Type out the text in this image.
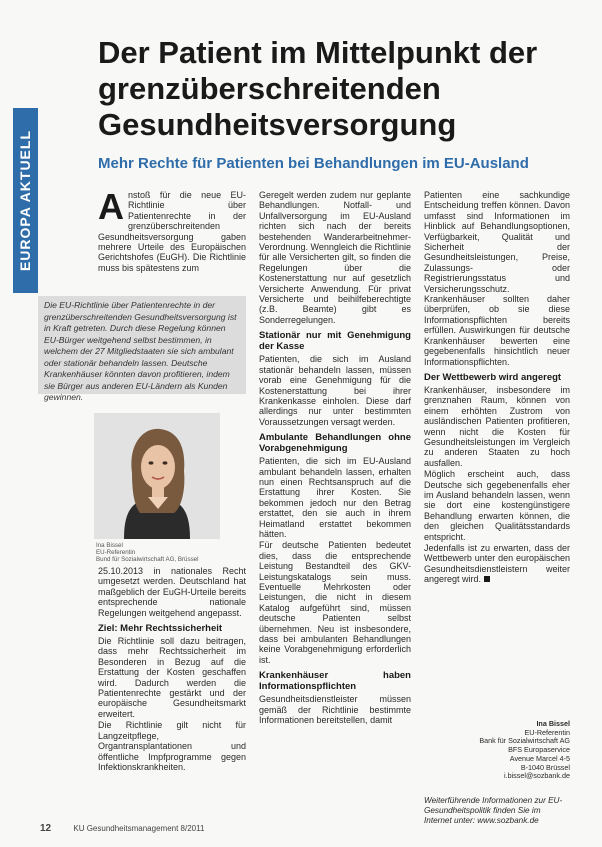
EUROPA AKTUELL
Der Patient im Mittelpunkt der grenzüberschreitenden Gesundheitsversorgung
Mehr Rechte für Patienten bei Behandlungen im EU-Ausland
A nstoß für die neue EU-Richtlinie über Patientenrechte in der grenzüberschreitenden Gesundheitsversorgung gaben mehrere Urteile des Europäischen Gerichtshofes (EuGH). Die Richtlinie muss bis spätestens zum
Die EU-Richtlinie über Patientenrechte in der grenzüberschreitenden Gesundheitsversorgung ist in Kraft getreten. Durch diese Regelung können EU-Bürger weitgehend selbst bestimmen, in welchem der 27 Mitgliedstaaten sie sich ambulant oder stationär behandeln lassen. Deutsche Krankenhäuser könnten davon profitieren, indem sie Bürger aus anderen EU-Ländern als Kunden gewinnen.
Ina Bissel
EU-Referentin
Bund für Sozialwirtschaft AG, Brüssel

25.10.2013 in nationales Recht umgesetzt werden. Deutschland hat maßgeblich der EuGH-Urteile bereits entsprechende nationale Regelungen weitgehend angepasst.

Ziel: Mehr Rechtssicherheit

Die Richtlinie soll dazu beitragen, dass mehr Rechtssicherheit im Besonderen in Bezug auf die Erstattung der Kosten geschaffen wird. Dadurch werden die Patientenrechte gestärkt und der europäische Gesundheitsmarkt erweitert.

Die Richtlinie gilt nicht für Langzeitpflege, Organtransplantationen und öffentliche Impfprogramme gegen Infektionskrankheiten.

Geregelt werden zudem nur geplante Behandlungen. Notfall- und Unfallversorgung im EU-Ausland richten sich nach der bereits bestehenden Wanderarbeitnehmer-Verordnung. Wenngleich die Richtlinie für alle Versicherten gilt, so finden die Regelungen über die Kostenerstattung nur auf gesetzlich Versicherte Anwendung. Für privat Versicherte und beihilfeberechtigte (z.B. Beamte) gibt es Sonderregelungen.

Stationär nur mit Genehmigung der Kasse

Patienten, die sich im Ausland stationär behandeln lassen, müssen vorab eine Genehmigung für die Kostenerstattung bei ihrer Krankenkasse einholen. Diese darf allerdings nur unter bestimmten Voraussetzungen versagt werden.

Ambulante Behandlungen ohne Vorabgenehmigung

Patienten, die sich im EU-Ausland ambulant behandeln lassen, erhalten nun einen Rechtsanspruch auf die Erstattung ihrer Kosten. Sie bekommen jedoch nur den Betrag erstattet, den sie auch in ihrem Heimatland erstattet bekommen hätten.

Für deutsche Patienten bedeutet dies, dass die entsprechende Leistung Bestandteil des GKV-Leistungskatalogs sein muss. Eventuelle Mehrkosten oder Leistungen, die nicht in diesem Katalog aufgeführt sind, müssen deutsche Patienten selbst übernehmen. Neu ist insbesondere, dass bei ambulanten Behandlungen keine Vorabgenehmigung erforderlich ist.

Krankenhäuser haben Informationspflichten

Gesundheitsdienstleister müssen gemäß der Richtlinie bestimmte Informationen bereitstellen, damit

Patienten eine sachkundige Entscheidung treffen können. Davon umfasst sind Informationen im Hinblick auf Behandlungsoptionen, Verfügbarkeit, Qualität und Sicherheit der Gesundheitsleistungen, Preise, Zulassungs- oder Registrierungsstatus und Versicherungsschutz. Krankenhäuser sollten daher überprüfen, ob sie diese Informationspflichten bereits erfüllen. Auswirkungen für deutsche Krankenhäuser bewerten eine gegebenenfalls hinsichtlich neuer Informationspflichten.

Der Wettbewerb wird angeregt

Krankenhäuser, insbesondere im grenznahen Raum, können von einem erhöhten Zustrom von ausländischen Patienten profitieren, wenn nicht die Kosten für Gesundheitsleistungen im Vergleich zu anderen Staaten zu hoch ausfallen.

Möglich erscheint auch, dass Deutsche sich gegebenenfalls eher im Ausland behandeln lassen, wenn sie dort eine kostengünstigere Behandlung erwarten können, die den gleichen Qualitätsstandards entspricht.

Jedenfalls ist zu erwarten, dass der Wettbewerb unter den europäischen Gesundheitsdienstleistern weiter angeregt wird.

Ina Bissel
EU-Referentin
Bank für Sozialwirtschaft AG
BFS Europaservice
Avenue Marcel 4-5
B-1040 Brüssel
i.bissel@sozbank.de
Weiterführende Informationen zur EU-Gesundheitspolitik finden Sie im Internet unter: www.sozbank.de
12	KU Gesundheitsmanagement 8/2011
